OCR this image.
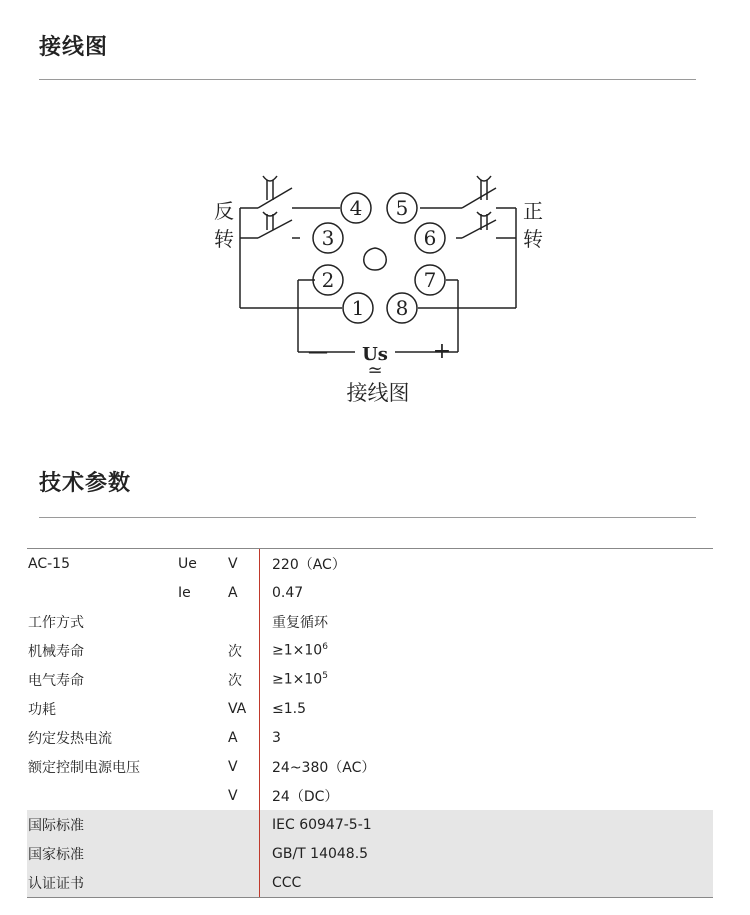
接线图
1
2
3
4 5
6
7
8
反
转
正
转
—	+
Us
≃
接线图
技术参数
AC-15	Ue	V	220（AC）
	Ie	A	0.47
工作方式			重复循环
机械寿命		次	$\ge 1\times 10^6$
电气寿命		次	$\ge 1\times 10^5$
功耗		VA	≤1.5
约定发热电流		A	3
额定控制电源电压		V	24~380（AC）
		V	24（DC）
国际标准			IEC 60947-5-1
国家标准			GB/T 14048.5
认证证书			CCC
